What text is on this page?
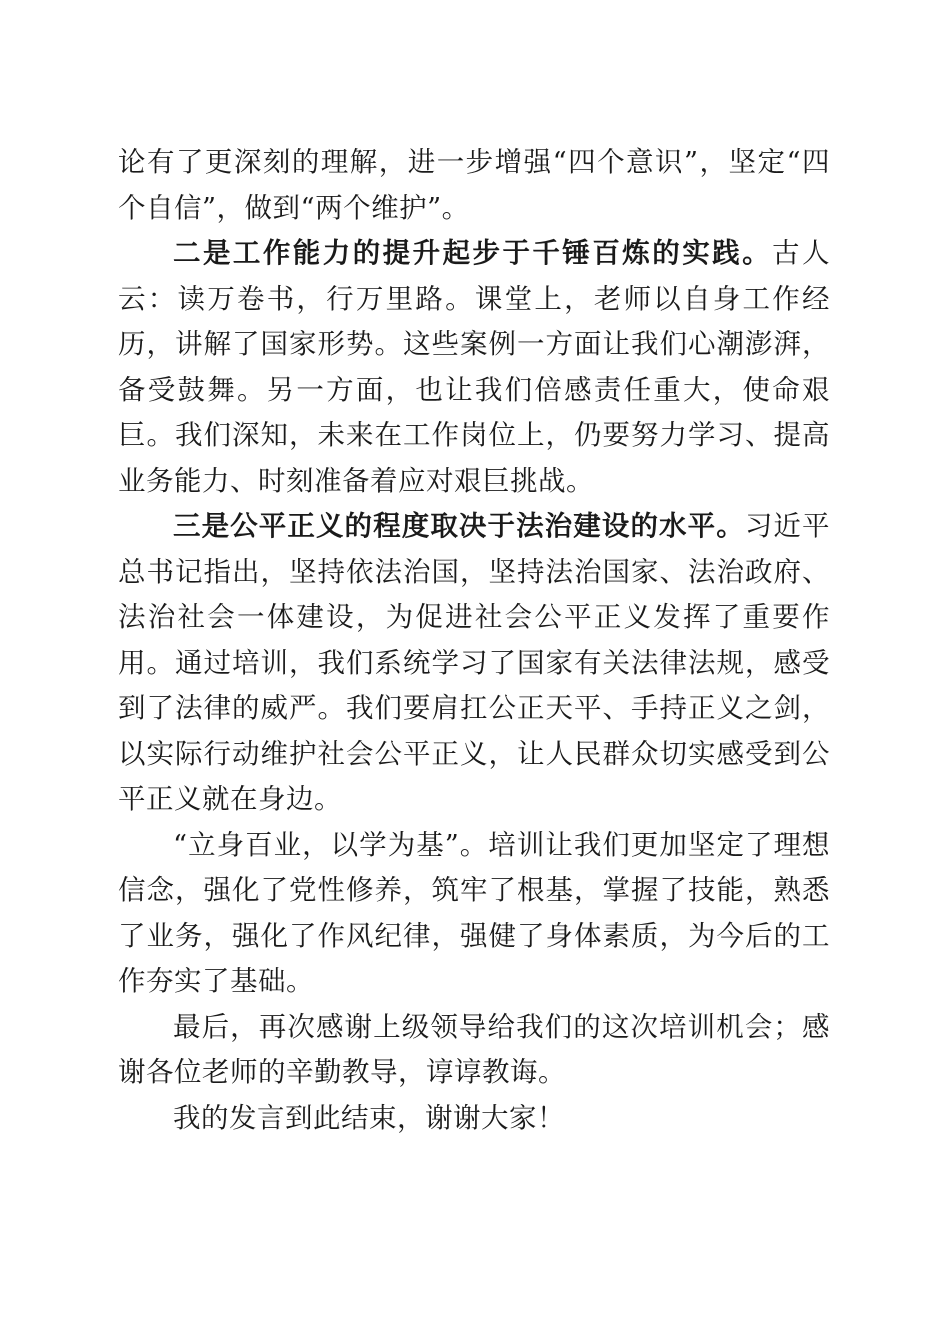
论有了更深刻的理解，进一步增强“四个意识”，坚定“四个自信”，做到“两个维护”。

二是工作能力的提升起步于千锤百炼的实践。古人云：读万卷书，行万里路。课堂上，老师以自身工作经历，讲解了国家形势。这些案例一方面让我们心潮澎湃，备受鼓舞。另一方面，也让我们倍感责任重大，使命艰巨。我们深知，未来在工作岗位上，仍要努力学习、提高业务能力、时刻准备着应对艰巨挑战。

三是公平正义的程度取决于法治建设的水平。习近平总书记指出，坚持依法治国，坚持法治国家、法治政府、法治社会一体建设，为促进社会公平正义发挥了重要作用。通过培训，我们系统学习了国家有关法律法规，感受到了法律的威严。我们要肩扛公正天平、手持正义之剑，以实际行动维护社会公平正义，让人民群众切实感受到公平正义就在身边。

“立身百业，以学为基”。培训让我们更加坚定了理想信念，强化了党性修养，筑牢了根基，掌握了技能，熟悉了业务，强化了作风纪律，强健了身体素质，为今后的工作夯实了基础。

最后，再次感谢上级领导给我们的这次培训机会；感谢各位老师的辛勤教导，谆谆教诲。

我的发言到此结束，谢谢大家！
